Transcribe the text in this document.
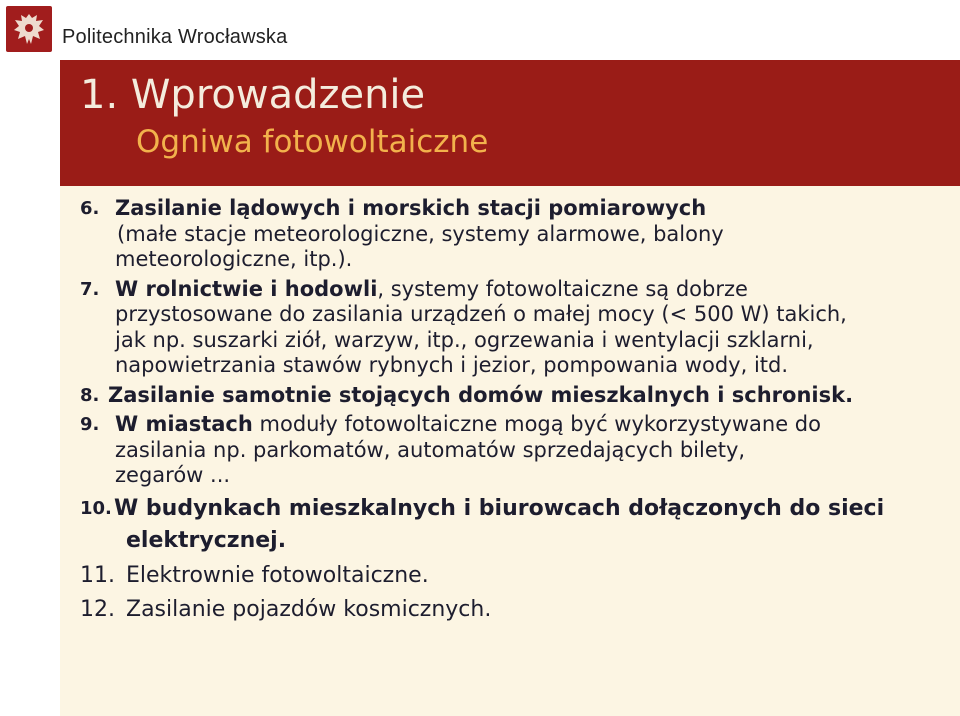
Politechnika Wrocławska
1. Wprowadzenie
Ogniwa fotowoltaiczne
6. Zasilanie lądowych i morskich stacji pomiarowych
(małe stacje meteorologiczne, systemy alarmowe, balony
meteorologiczne, itp.).
7. W rolnictwie i hodowli, systemy fotowoltaiczne są dobrze
przystosowane do zasilania urządzeń o małej mocy (< 500 W) takich,
jak np. suszarki ziół, warzyw, itp., ogrzewania i wentylacji szklarni,
napowietrzania stawów rybnych i jezior, pompowania wody, itd.
8. Zasilanie samotnie stojących domów mieszkalnych i schronisk.
9. W miastach moduły fotowoltaiczne mogą być wykorzystywane do
zasilania np. parkomatów, automatów sprzedających bilety,
zegarów ...
10. W budynkach mieszkalnych i biurowcach dołączonych do sieci
elektrycznej.
11. Elektrownie fotowoltaiczne.
12. Zasilanie pojazdów kosmicznych.
